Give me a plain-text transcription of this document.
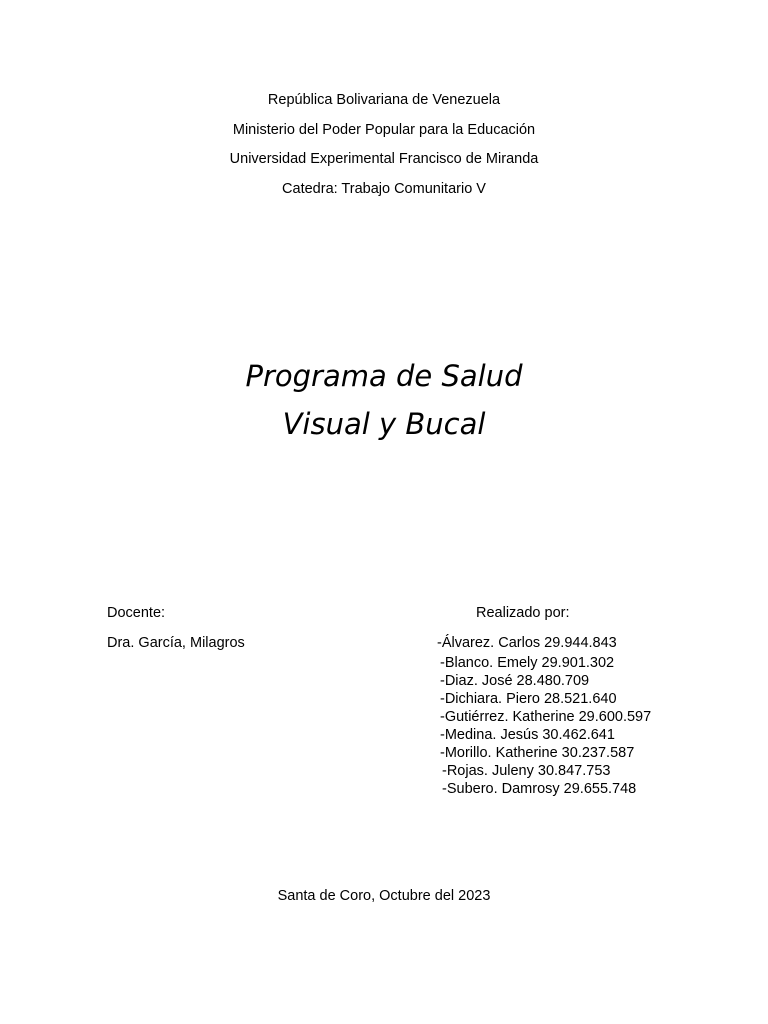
República Bolivariana de Venezuela

Ministerio del Poder Popular para la Educación

Universidad Experimental Francisco de Miranda

Catedra: Trabajo Comunitario V

Programa de Salud
Visual y Bucal

Docente:

Dra. García, Milagros

Realizado por:

-Álvarez. Carlos 29.944.843

-Blanco. Emely 29.901.302

-Diaz. José 28.480.709

-Dichiara. Piero 28.521.640

-Gutiérrez. Katherine 29.600.597

-Medina. Jesús 30.462.641

-Morillo. Katherine 30.237.587

-Rojas. Juleny 30.847.753

-Subero. Damrosy 29.655.748

Santa de Coro, Octubre del 2023
